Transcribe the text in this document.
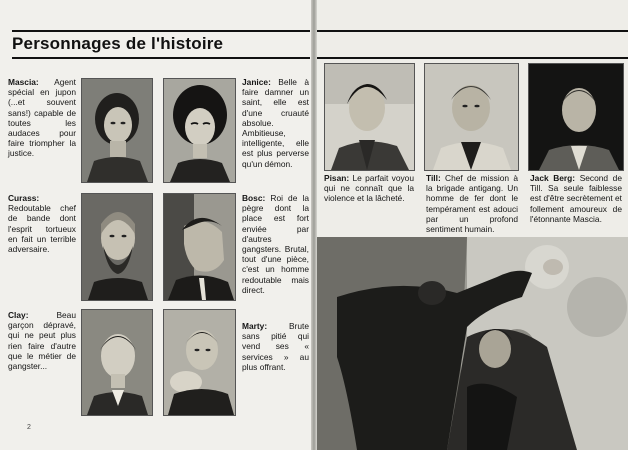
Personnages de l'histoire
Mascia: Agent spécial en jupon (...et souvent sans!) capable de toutes les audaces pour faire triompher la justice.
Janice: Belle à faire damner un saint, elle est d'une cruauté absolue. Ambitieuse, intelligente, elle est plus perverse qu'un démon.
Curass: Redoutable chef de bande dont l'esprit tortueux en fait un terrible adversaire.
Bosc: Roi de la pègre dont la place est fort enviée par d'autres gangsters. Brutal, tout d'une pièce, c'est un homme redoutable mais direct.
Clay:	Beau garçon dépravé, qui ne peut plus rien faire d'autre que le métier de gangster...
Marty:	Brute sans pitié qui vend ses « services » au plus offrant.
2
Pisan: Le parfait voyou qui ne connaît que la violence et la lâcheté.
Till: Chef de mission à la brigade antigang. Un homme de fer dont le tempérament est adouci par un profond sentiment humain.
Jack Berg: Second de Till. Sa seule faiblesse est d'être secrètement et follement amoureux de l'étonnante Mascia.
